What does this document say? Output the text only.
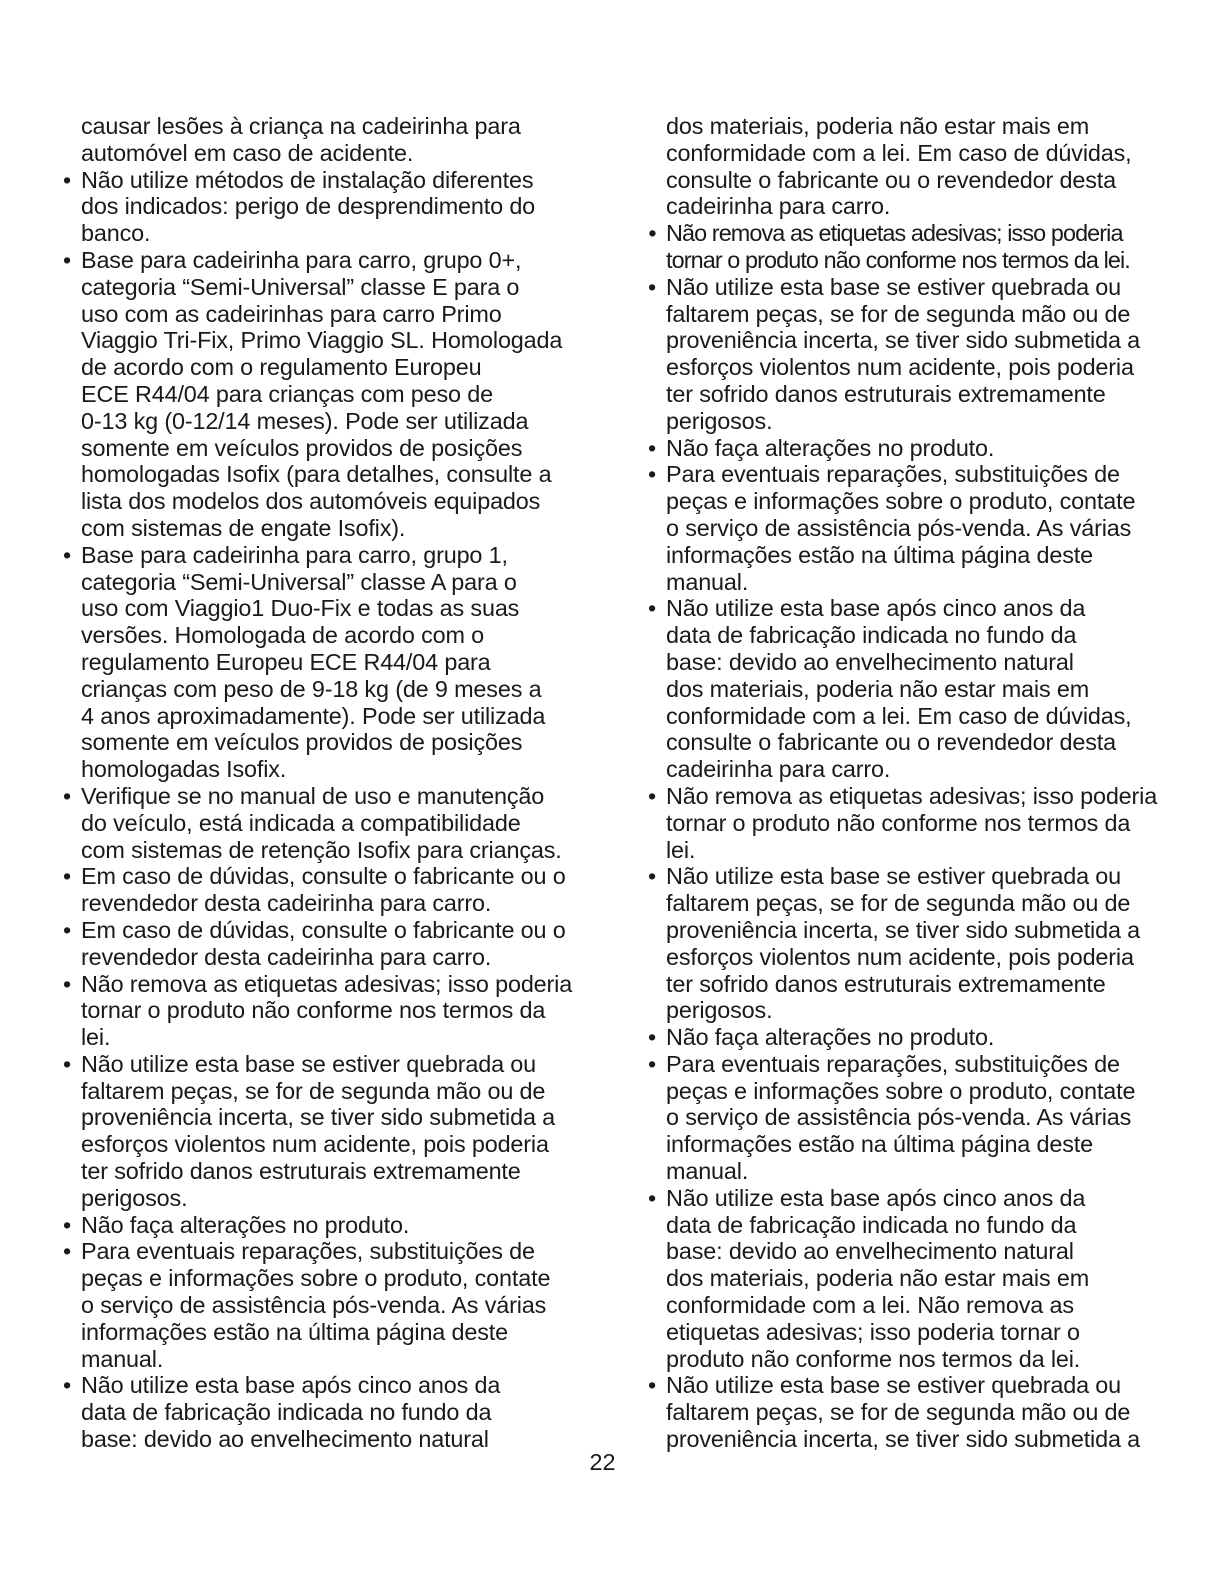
causar lesões à criança na cadeirinha para
automóvel em caso de acidente.
• Não utilize métodos de instalação diferentes
dos indicados: perigo de desprendimento do
banco.
• Base para cadeirinha para carro, grupo 0+,
categoria “Semi-Universal” classe E para o
uso com as cadeirinhas para carro Primo
Viaggio Tri-Fix, Primo Viaggio SL. Homologada
de acordo com o regulamento Europeu
ECE R44/04 para crianças com peso de
0-13 kg (0-12/14 meses). Pode ser utilizada
somente em veículos providos de posições
homologadas Isofix (para detalhes, consulte a
lista dos modelos dos automóveis equipados
com sistemas de engate Isofix).
• Base para cadeirinha para carro, grupo 1,
categoria “Semi-Universal” classe A para o
uso com Viaggio1 Duo-Fix e todas as suas
versões. Homologada de acordo com o
regulamento Europeu ECE R44/04 para
crianças com peso de 9-18 kg (de 9 meses a
4 anos aproximadamente). Pode ser utilizada
somente em veículos providos de posições
homologadas Isofix.
• Verifique se no manual de uso e manutenção
do veículo, está indicada a compatibilidade
com sistemas de retenção Isofix para crianças.
• Em caso de dúvidas, consulte o fabricante ou o
revendedor desta cadeirinha para carro.
• Em caso de dúvidas, consulte o fabricante ou o
revendedor desta cadeirinha para carro.
• Não remova as etiquetas adesivas; isso poderia
tornar o produto não conforme nos termos da
lei.
• Não utilize esta base se estiver quebrada ou
faltarem peças, se for de segunda mão ou de
proveniência incerta, se tiver sido submetida a
esforços violentos num acidente, pois poderia
ter sofrido danos estruturais extremamente
perigosos.
• Não faça alterações no produto.
• Para eventuais reparações, substituições de
peças e informações sobre o produto, contate
o serviço de assistência pós-venda. As várias
informações estão na última página deste
manual.
• Não utilize esta base após cinco anos da
data de fabricação indicada no fundo da
base: devido ao envelhecimento natural
dos materiais, poderia não estar mais em
conformidade com a lei. Em caso de dúvidas,
consulte o fabricante ou o revendedor desta
cadeirinha para carro.
• Não remova as etiquetas adesivas; isso poderia
tornar o produto não conforme nos termos da lei.
• Não utilize esta base se estiver quebrada ou
faltarem peças, se for de segunda mão ou de
proveniência incerta, se tiver sido submetida a
esforços violentos num acidente, pois poderia
ter sofrido danos estruturais extremamente
perigosos.
• Não faça alterações no produto.
• Para eventuais reparações, substituições de
peças e informações sobre o produto, contate
o serviço de assistência pós-venda. As várias
informações estão na última página deste
manual.
• Não utilize esta base após cinco anos da
data de fabricação indicada no fundo da
base: devido ao envelhecimento natural
dos materiais, poderia não estar mais em
conformidade com a lei. Em caso de dúvidas,
consulte o fabricante ou o revendedor desta
cadeirinha para carro.
• Não remova as etiquetas adesivas; isso poderia
tornar o produto não conforme nos termos da
lei.
• Não utilize esta base se estiver quebrada ou
faltarem peças, se for de segunda mão ou de
proveniência incerta, se tiver sido submetida a
esforços violentos num acidente, pois poderia
ter sofrido danos estruturais extremamente
perigosos.
• Não faça alterações no produto.
• Para eventuais reparações, substituições de
peças e informações sobre o produto, contate
o serviço de assistência pós-venda. As várias
informações estão na última página deste
manual.
• Não utilize esta base após cinco anos da
data de fabricação indicada no fundo da
base: devido ao envelhecimento natural
dos materiais, poderia não estar mais em
conformidade com a lei. Não remova as
etiquetas adesivas; isso poderia tornar o
produto não conforme nos termos da lei.
• Não utilize esta base se estiver quebrada ou
faltarem peças, se for de segunda mão ou de
proveniência incerta, se tiver sido submetida a
22
